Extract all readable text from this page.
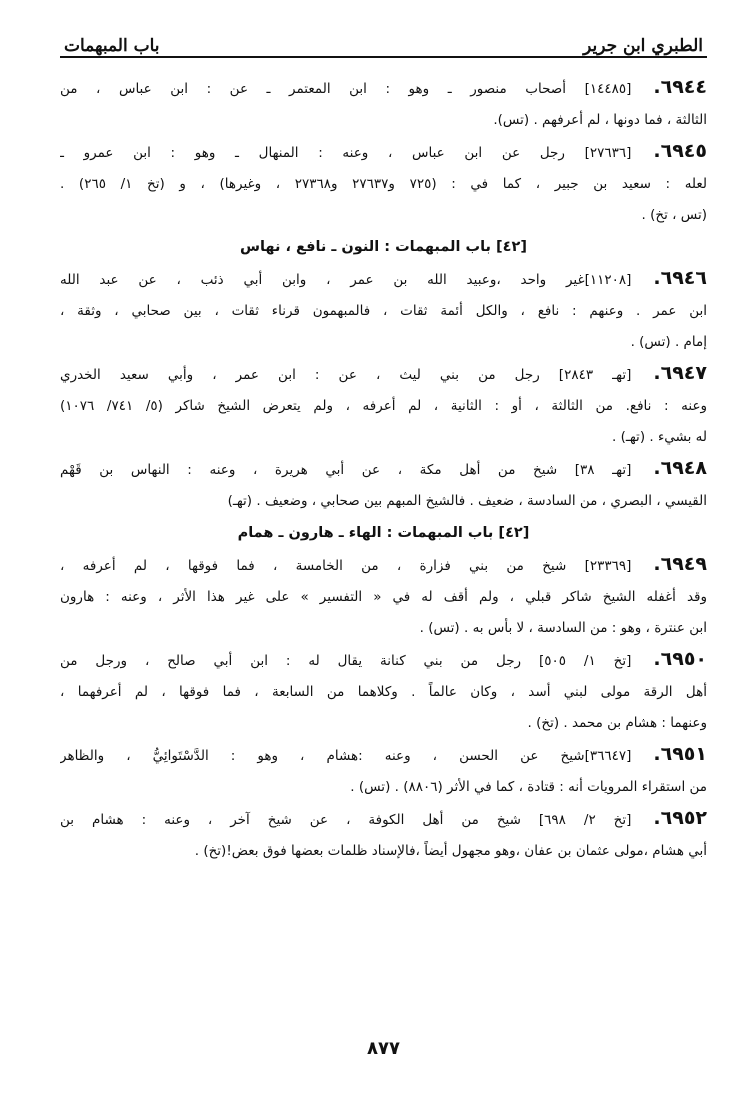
الطبري ابن جرير
باب المبهمات
٦٩٤٤.[١٤٤٨٥] أصحاب منصور ـ وهو : ابن المعتمر ـ عن : ابن عباس ، من
الثالثة ، فما دونها ، لم أعرفهم . (تس).
٦٩٤٥.[٢٧٦٣٦] رجل عن ابن عباس ، وعنه : المنهال ـ وهو : ابن عمرو ـ
لعله : سعيد بن جبير ، كما في : (٧٢٥ و٢٧٦٣٧ و٢٧٣٦٨ ، وغيرها) ، و (تخ ١/ ٢٦٥) .
(تس ، تخ) .
[٤٢] باب المبهمات : النون ـ نافع ، نهاس
٦٩٤٦.[١١٢٠٨]غير واحد ،وعبيد الله بن عمر ، وابن أبي ذئب ، عن عبد الله
ابن عمر . وعنهم : نافع ، والكل أئمة ثقات ، فالمبهمون قرناء ثقات ، بين صحابي ، وثقة ،
إمام . (تس) .
٦٩٤٧.[تهـ ٢٨٤٣] رجل من بني ليث ، عن : ابن عمر ، وأبي سعيد الخدري
وعنه : نافع. من الثالثة ، أو : الثانية ، لم أعرفه ، ولم يتعرض الشيخ شاكر (٥/ ٧٤١/ ١٠٧٦)
له بشيء . (تهـ) .
٦٩٤٨.[تهـ ٣٨] شيخ من أهل مكة ، عن أبي هريرة ، وعنه : النهاس بن قَهْم
القيسي ، البصري ، من السادسة ، ضعيف . فالشيخ المبهم بين صحابي ، وضعيف . (تهـ)
[٤٢] باب المبهمات : الهاء ـ هارون ـ همام
٦٩٤٩.[٢٣٣٦٩] شيخ من بني فزارة ، من الخامسة ، فما فوقها ، لم أعرفه ،
وقد أغفله الشيخ شاكر قبلي ، ولم أقف له في « التفسير » على غير هذا الأثر ، وعنه : هارون
ابن عنترة ، وهو : من السادسة ، لا بأس به . (تس) .
٦٩٥٠.[تخ ١/ ٥٠٥] رجل من بني كنانة يقال له : ابن أبي صالح ، ورجل من
أهل الرقة مولى لبني أسد ، وكان عالماً . وكلاهما من السابعة ، فما فوقها ، لم أعرفهما ،
وعنهما : هشام بن محمد . (تخ) .
٦٩٥١.[٣٦٦٤٧]شيخ عن الحسن ، وعنه :هشام ، وهو : الدَّسْتَوائِيُّ ، والظاهر
من استقراء المرويات أنه : قتادة ، كما في الأثر (٨٨٠٦) . (تس) .
٦٩٥٢.[تخ ٢/ ٦٩٨] شيخ من أهل الكوفة ، عن شيخ آخر ، وعنه : هشام بن
أبي هشام ،مولى عثمان بن عفان ،وهو مجهول أيضاً ،فالإسناد ظلمات بعضها فوق بعض!(تخ) .
٨٧٧
